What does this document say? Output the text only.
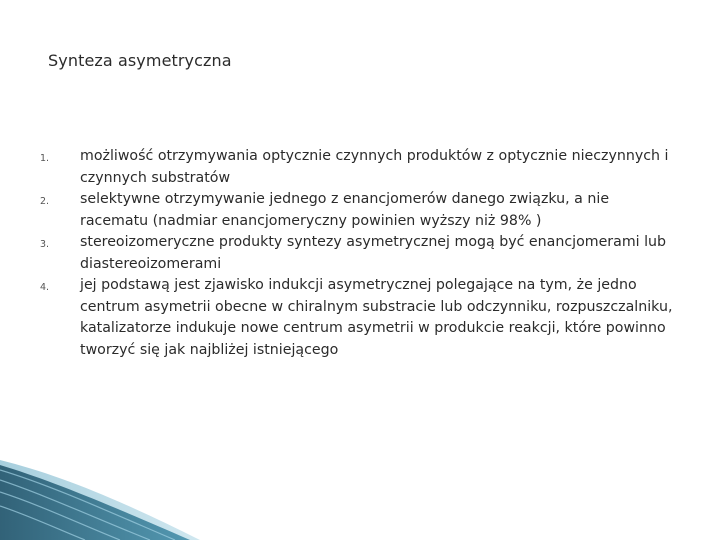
Synteza asymetryczna
1. możliwość otrzymywania optycznie czynnych produktów z optycznie nieczynnych i czynnych substratów
2. selektywne otrzymywanie jednego z enancjomerów danego związku, a nie racematu (nadmiar enancjomeryczny powinien wyższy niż 98% )
3. stereoizomeryczne produkty syntezy asymetrycznej mogą być enancjomerami lub diastereoizomerami
4. jej podstawą jest zjawisko indukcji asymetrycznej polegające na tym, że jedno centrum asymetrii obecne w chiralnym substracie lub odczynniku, rozpuszczalniku, katalizatorze indukuje nowe centrum asymetrii w produkcie reakcji, które powinno tworzyć się jak najbliżej istniejącego
